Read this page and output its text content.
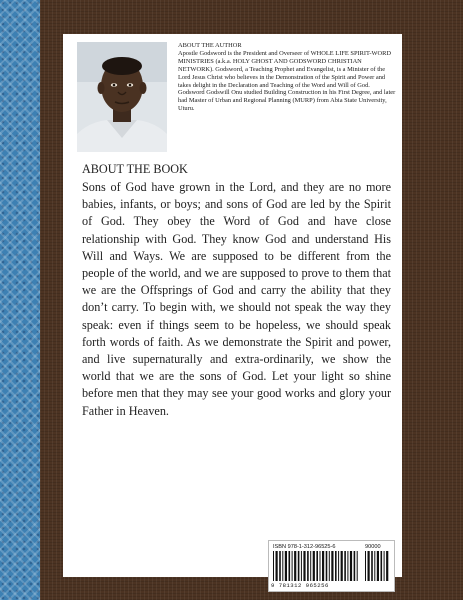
ABOUT THE AUTHOR

Apostle Godsword is the President and Overseer of WHOLE LIFE SPIRIT-WORD MINISTRIES (a.k.a. HOLY GHOST AND GODSWORD CHRISTIAN NETWORK). Godsword, a Teaching Prophet and Evangelist, is a Minister of the Lord Jesus Christ who believes in the Demonstration of the Spirit and Power and takes delight in the Declaration and Teaching of the Word and Will of God.

Godsword Godswill Onu studied Building Construction in his First Degree, and later had Master of Urban and Regional Planning (MURP) from Abia State University, Uturu.

ABOUT THE BOOK

Sons of God have grown in the Lord, and they are no more babies, infants, or boys; and sons of God are led by the Spirit of God. They obey the Word of God and have close relationship with God. They know God and understand His Will and Ways. We are supposed to be different from the people of the world, and we are supposed to prove to them that we are the Offsprings of God and carry the ability that they don’t carry. To begin with, we should not speak the way they speak: even if things seem to be hopeless, we should speak forth words of faith. As we demonstrate the Spirit and power, and live supernaturally and extra-ordinarily, we show the world that we are the sons of God. Let your light so shine before men that they may see your good works and glory your Father in Heaven.

ISBN 978-1-312-96525-6	90000
9 781312 965256
